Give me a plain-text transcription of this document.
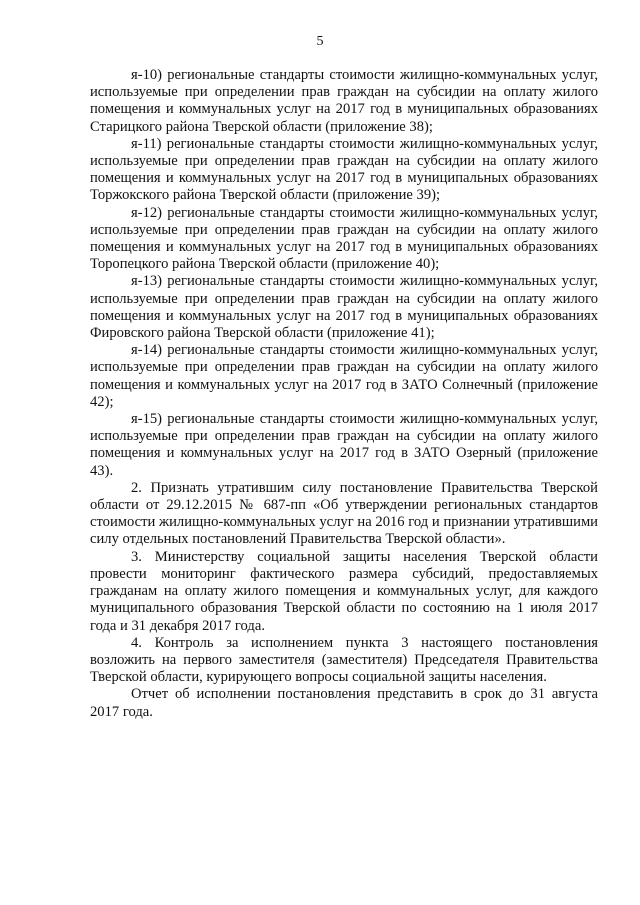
5

я-10) региональные стандарты стоимости жилищно-коммунальных услуг, используемые при определении прав граждан на субсидии на оплату жилого помещения и коммунальных услуг на 2017 год в муниципальных образованиях Старицкого района Тверской области (приложение 38);

я-11) региональные стандарты стоимости жилищно-коммунальных услуг, используемые при определении прав граждан на субсидии на оплату жилого помещения и коммунальных услуг на 2017 год в муниципальных образованиях Торжокского района Тверской области (приложение 39);

я-12) региональные стандарты стоимости жилищно-коммунальных услуг, используемые при определении прав граждан на субсидии на оплату жилого помещения и коммунальных услуг на 2017 год в муниципальных образованиях Торопецкого района Тверской области (приложение 40);

я-13) региональные стандарты стоимости жилищно-коммунальных услуг, используемые при определении прав граждан на субсидии на оплату жилого помещения и коммунальных услуг на 2017 год в муниципальных образованиях Фировского района Тверской области (приложение 41);

я-14) региональные стандарты стоимости жилищно-коммунальных услуг, используемые при определении прав граждан на субсидии на оплату жилого помещения и коммунальных услуг на 2017 год в ЗАТО Солнечный (приложение 42);

я-15) региональные стандарты стоимости жилищно-коммунальных услуг, используемые при определении прав граждан на субсидии на оплату жилого помещения и коммунальных услуг на 2017 год в ЗАТО Озерный (приложение 43).

2. Признать утратившим силу постановление Правительства Тверской области от 29.12.2015 № 687-пп «Об утверждении региональных стандартов стоимости жилищно-коммунальных услуг на 2016 год и признании утратившими силу отдельных постановлений Правительства Тверской области».

3. Министерству социальной защиты населения Тверской области провести мониторинг фактического размера субсидий, предоставляемых гражданам на оплату жилого помещения и коммунальных услуг, для каждого муниципального образования Тверской области по состоянию на 1 июля 2017 года и 31 декабря 2017 года.

4. Контроль за исполнением пункта 3 настоящего постановления возложить на первого заместителя (заместителя) Председателя Правительства Тверской области, курирующего вопросы социальной защиты населения.

Отчет об исполнении постановления представить в срок до 31 августа 2017 года.
